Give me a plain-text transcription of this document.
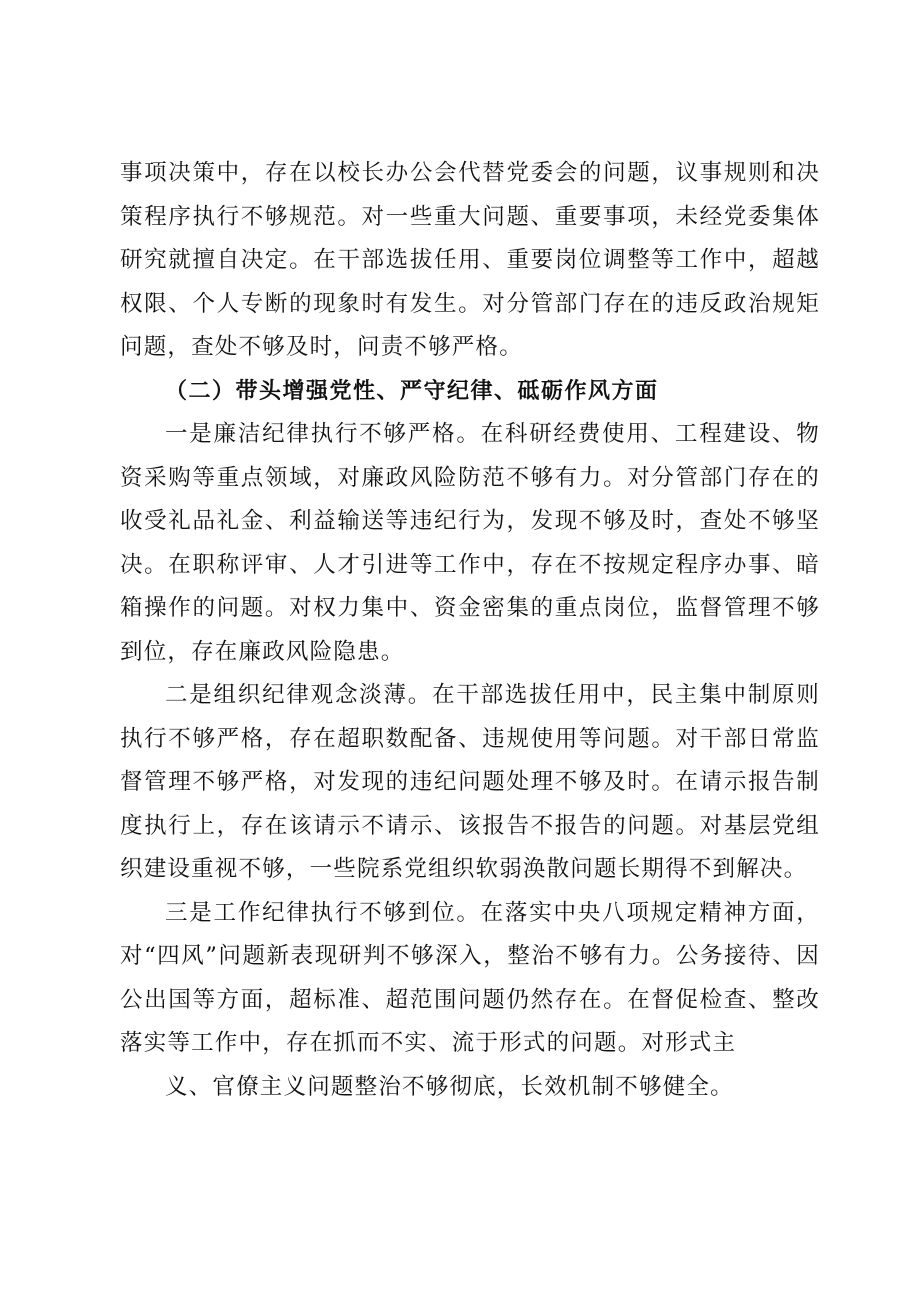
事项决策中，存在以校长办公会代替党委会的问题，议事规则和决策程序执行不够规范。对一些重大问题、重要事项，未经党委集体研究就擅自决定。在干部选拔任用、重要岗位调整等工作中，超越权限、个人专断的现象时有发生。对分管部门存在的违反政治规矩问题，查处不够及时，问责不够严格。

（二）带头增强党性、严守纪律、砥砺作风方面

一是廉洁纪律执行不够严格。在科研经费使用、工程建设、物资采购等重点领域，对廉政风险防范不够有力。对分管部门存在的收受礼品礼金、利益输送等违纪行为，发现不够及时，查处不够坚决。在职称评审、人才引进等工作中，存在不按规定程序办事、暗箱操作的问题。对权力集中、资金密集的重点岗位，监督管理不够到位，存在廉政风险隐患。

二是组织纪律观念淡薄。在干部选拔任用中，民主集中制原则执行不够严格，存在超职数配备、违规使用等问题。对干部日常监督管理不够严格，对发现的违纪问题处理不够及时。在请示报告制度执行上，存在该请示不请示、该报告不报告的问题。对基层党组织建设重视不够，一些院系党组织软弱涣散问题长期得不到解决。

三是工作纪律执行不够到位。在落实中央八项规定精神方面，对“四风”问题新表现研判不够深入，整治不够有力。公务接待、因公出国等方面，超标准、超范围问题仍然存在。在督促检查、整改落实等工作中，存在抓而不实、流于形式的问题。对形式主
义、官僚主义问题整治不够彻底，长效机制不够健全。
